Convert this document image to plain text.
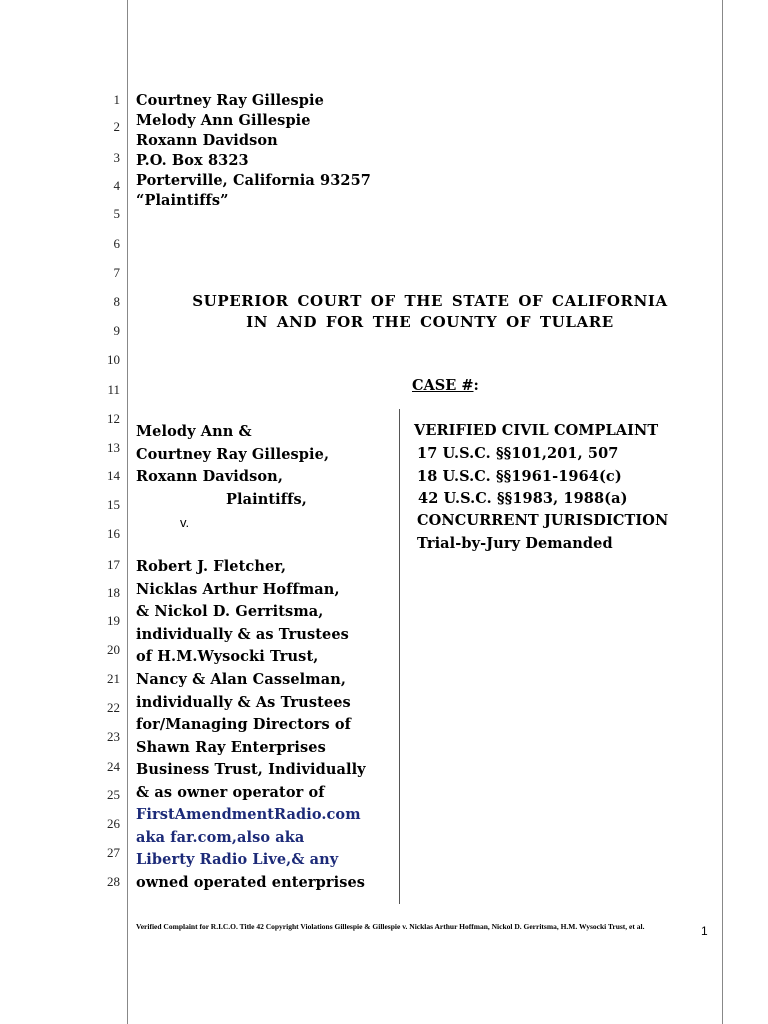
1
2
3
4
5
6
7
8
9
10
11
12
13
14
15
16
17
18
19
20
21
22
23
24
25
26
27
28
Courtney Ray Gillespie
Melody Ann Gillespie
Roxann Davidson
P.O. Box 8323
Porterville, California 93257
“Plaintiffs”
SUPERIOR COURT OF THE STATE OF CALIFORNIA
IN AND FOR THE COUNTY OF TULARE
CASE #:
Melody Ann &
Courtney Ray Gillespie,
Roxann Davidson,
Plaintiffs,
v.
Robert J. Fletcher,
Nicklas Arthur Hoffman,
& Nickol D. Gerritsma,
individually & as Trustees
of H.M.Wysocki Trust,
Nancy & Alan Casselman,
individually & As Trustees
for/Managing Directors of
Shawn Ray Enterprises
Business Trust, Individually
& as owner operator of
FirstAmendmentRadio.com
aka far.com,also aka
Liberty Radio Live,& any
owned operated enterprises
VERIFIED CIVIL COMPLAINT
17 U.S.C. §§101,201, 507
18 U.S.C. §§1961-1964(c)
42 U.S.C. §§1983, 1988(a)
CONCURRENT JURISDICTION
Trial-by-Jury Demanded
Verified Complaint for R.I.C.O. Title 42 Copyright Violations Gillespie & Gillespie v. Nicklas Arthur Hoffman, Nickol D. Gerritsma, H.M. Wysocki Trust, et al.	1
